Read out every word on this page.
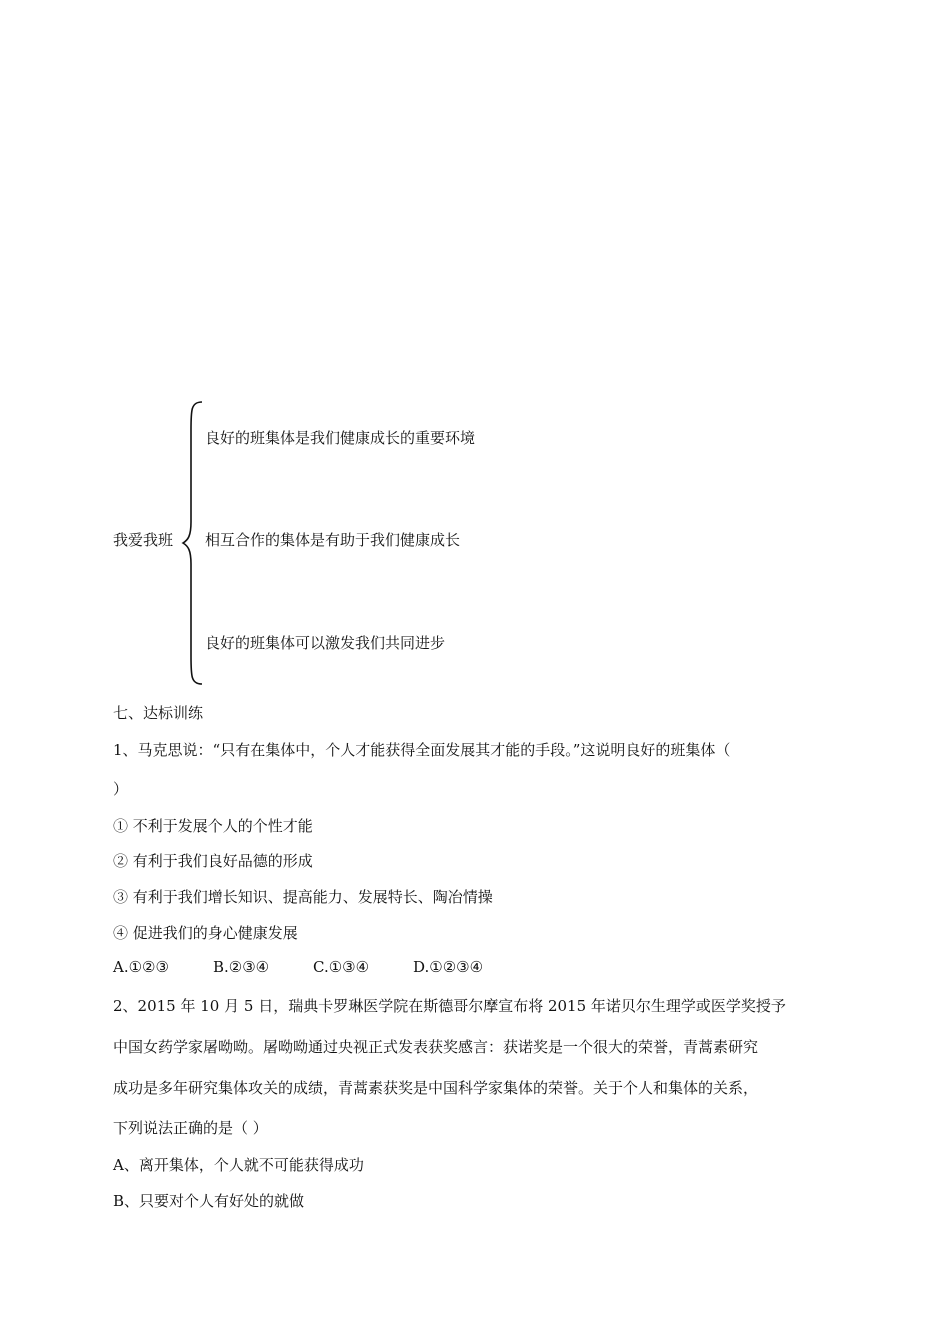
我爱我班
良好的班集体是我们健康成长的重要环境
相互合作的集体是有助于我们健康成长
良好的班集体可以激发我们共同进步
七、达标训练
1、马克思说：“只有在集体中，个人才能获得全面发展其才能的手段。”这说明良好的班集体（
）
① 不利于发展个人的个性才能
② 有利于我们良好品德的形成
③ 有利于我们增长知识、提高能力、发展特长、陶冶情操
④ 促进我们的身心健康发展
A.①②③	B.②③④	C.①③④	D.①②③④
2、2015 年 10 月 5 日，瑞典卡罗琳医学院在斯德哥尔摩宣布将 2015 年诺贝尔生理学或医学奖授予
中国女药学家屠呦呦。屠呦呦通过央视正式发表获奖感言：获诺奖是一个很大的荣誉，青蒿素研究
成功是多年研究集体攻关的成绩，青蒿素获奖是中国科学家集体的荣誉。关于个人和集体的关系，
下列说法正确的是（ ）
A、离开集体，个人就不可能获得成功
B、只要对个人有好处的就做
